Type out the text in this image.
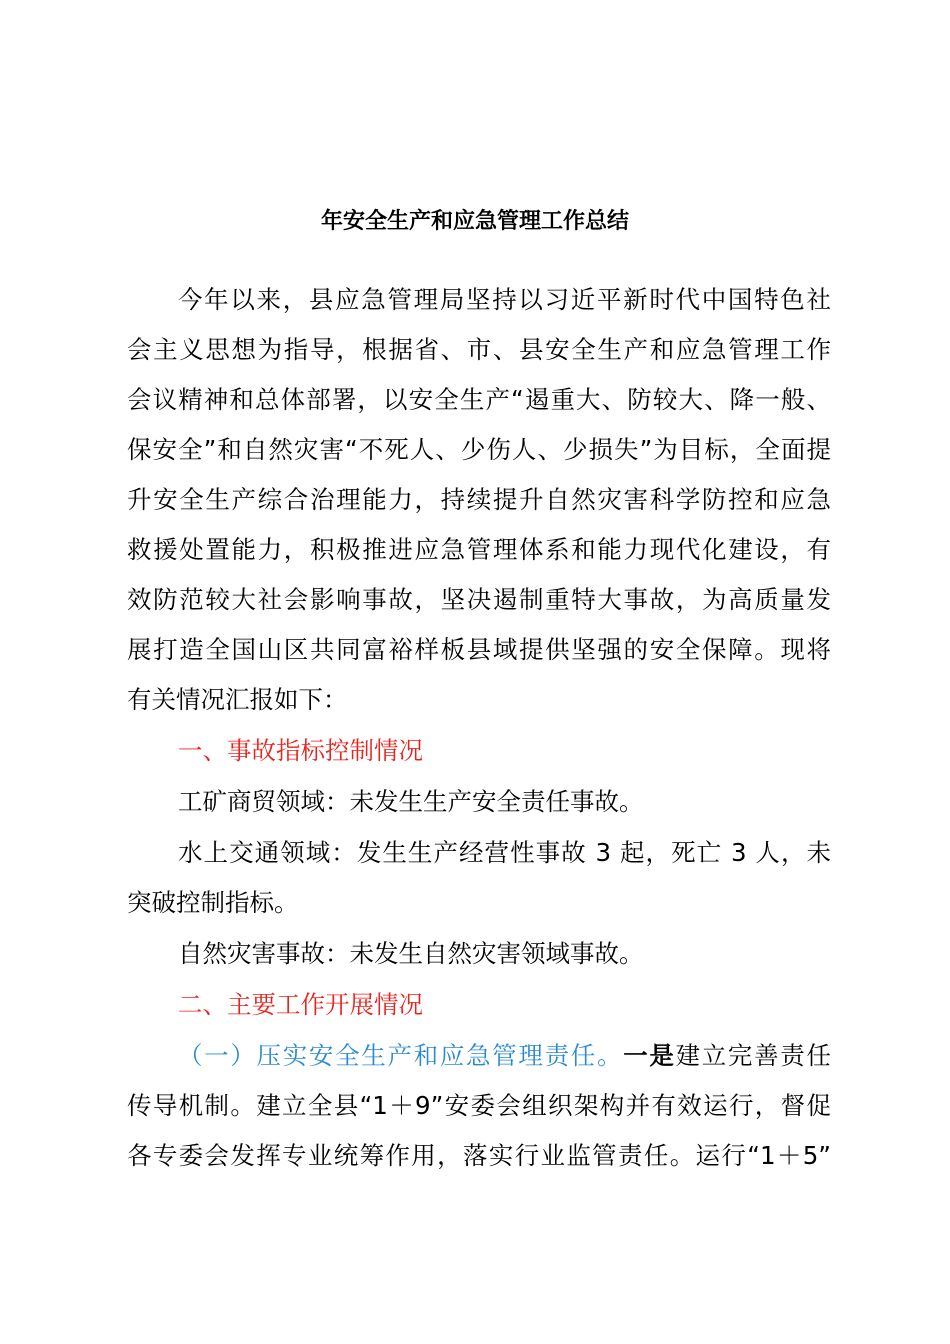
年安全生产和应急管理工作总结
今年以来，县应急管理局坚持以习近平新时代中国特色社
会主义思想为指导，根据省、市、县安全生产和应急管理工作
会议精神和总体部署，以安全生产“遏重大、防较大、降一般、
保安全”和自然灾害“不死人、少伤人、少损失”为目标，全面提
升安全生产综合治理能力，持续提升自然灾害科学防控和应急
救援处置能力，积极推进应急管理体系和能力现代化建设，有
效防范较大社会影响事故，坚决遏制重特大事故，为高质量发
展打造全国山区共同富裕样板县域提供坚强的安全保障。现将
有关情况汇报如下：
一、事故指标控制情况
工矿商贸领域：未发生生产安全责任事故。
水上交通领域：发生生产经营性事故 3 起，死亡 3 人，未
突破控制指标。
自然灾害事故：未发生自然灾害领域事故。
二、主要工作开展情况
（一）压实安全生产和应急管理责任。一是建立完善责任
传导机制。建立全县“1＋9”安委会组织架构并有效运行，督促
各专委会发挥专业统筹作用，落实行业监管责任。运行“1＋5”
